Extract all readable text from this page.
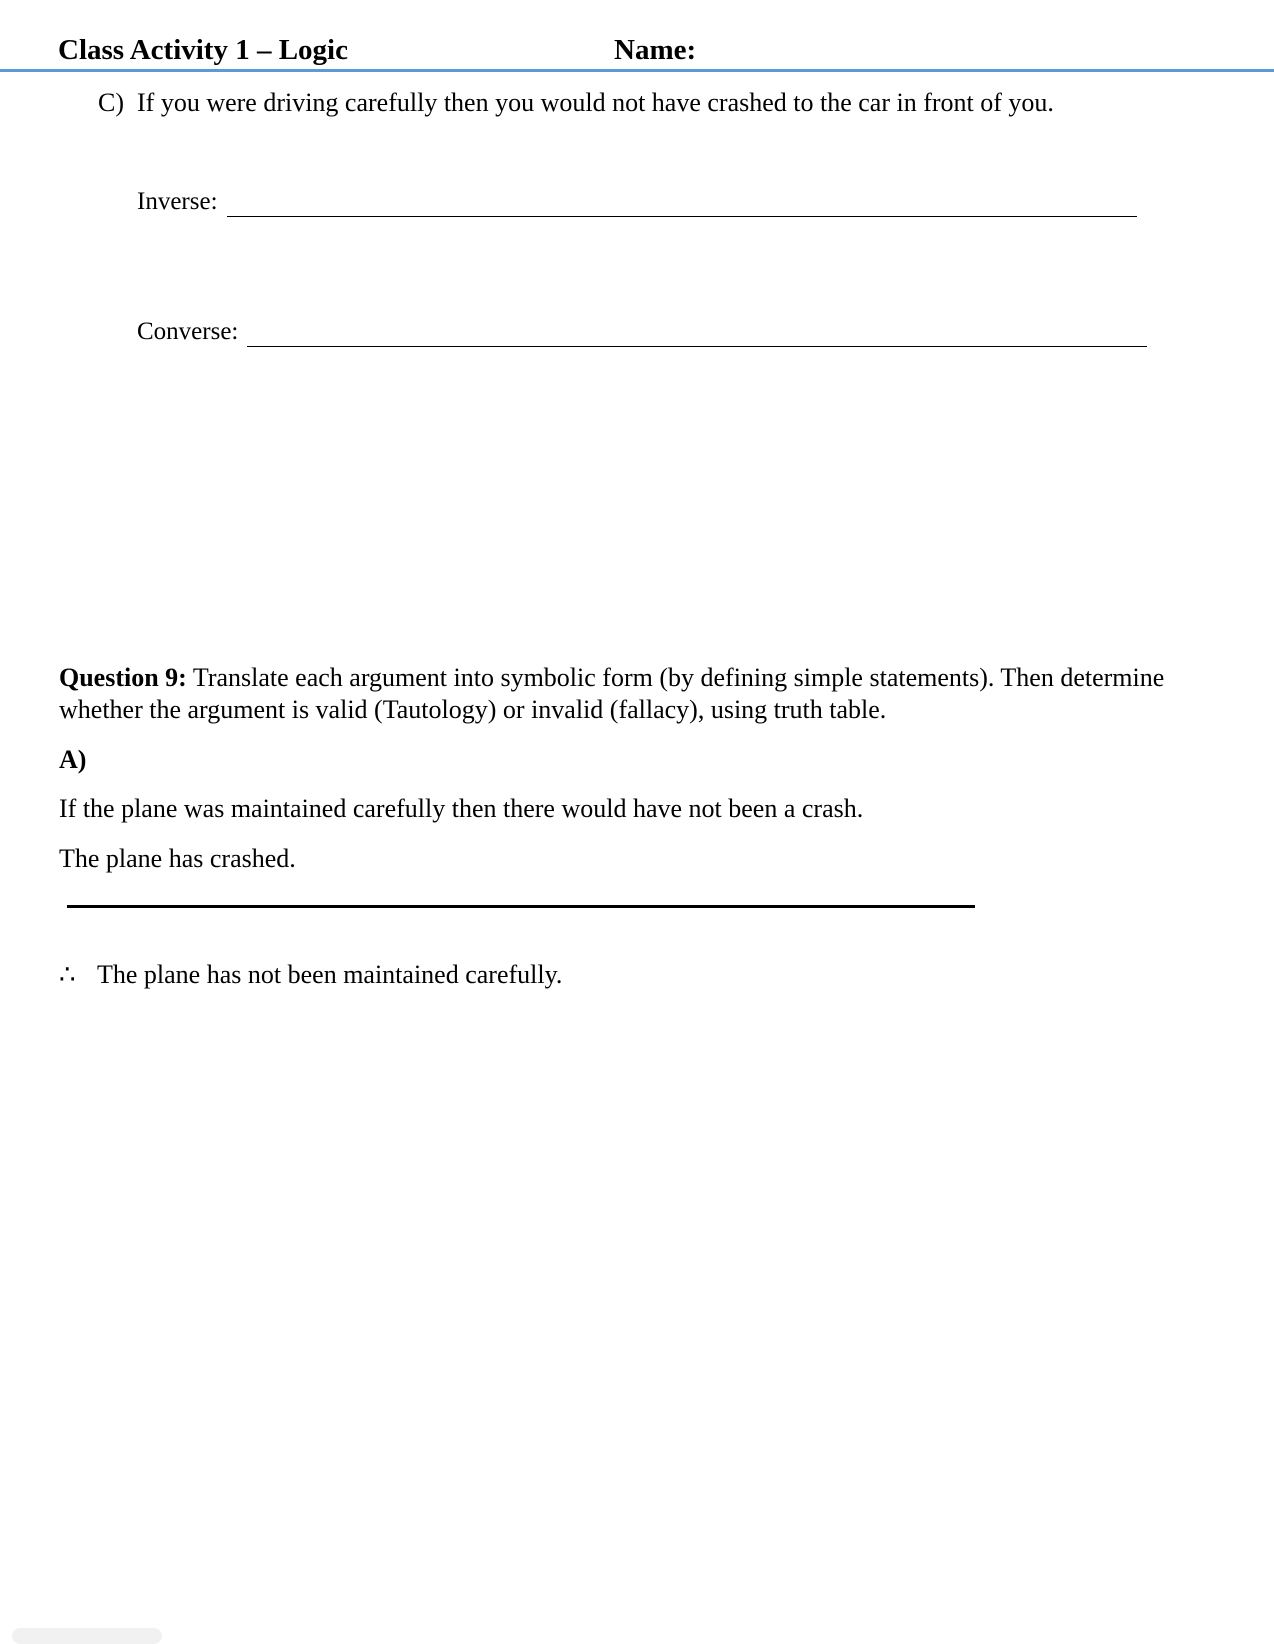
Class Activity 1 – Logic	Name:
C) If you were driving carefully then you would not have crashed to the car in front of you.
Inverse:
Converse:
Question 9: Translate each argument into symbolic form (by defining simple statements). Then determine whether the argument is valid (Tautology) or invalid (fallacy), using truth table.
A)
If the plane was maintained carefully then there would have not been a crash.
The plane has crashed.
∴ The plane has not been maintained carefully.
